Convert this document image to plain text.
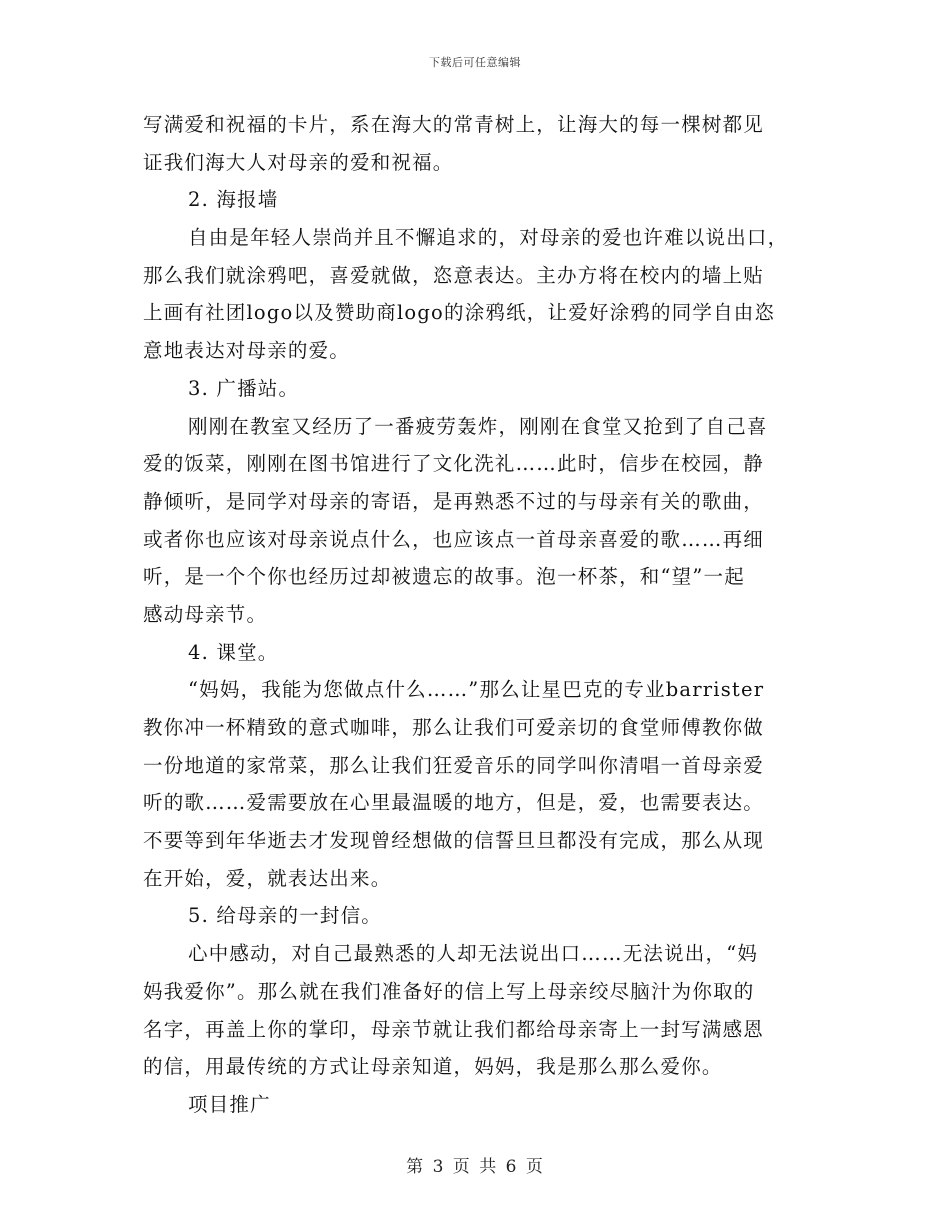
下载后可任意编辑
写满爱和祝福的卡片，系在海大的常青树上，让海大的每一棵树都见
证我们海大人对母亲的爱和祝福。
2. 海报墙
自由是年轻人崇尚并且不懈追求的，对母亲的爱也许难以说出口，
那么我们就涂鸦吧，喜爱就做，恣意表达。主办方将在校内的墙上贴
上画有社团logo以及赞助商logo的涂鸦纸，让爱好涂鸦的同学自由恣
意地表达对母亲的爱。
3. 广播站。
刚刚在教室又经历了一番疲劳轰炸，刚刚在食堂又抢到了自己喜
爱的饭菜，刚刚在图书馆进行了文化洗礼……此时，信步在校园，静
静倾听，是同学对母亲的寄语，是再熟悉不过的与母亲有关的歌曲，
或者你也应该对母亲说点什么，也应该点一首母亲喜爱的歌……再细
听，是一个个你也经历过却被遗忘的故事。泡一杯茶，和“望”一起
感动母亲节。
4. 课堂。
“妈妈，我能为您做点什么……”那么让星巴克的专业barrister
教你冲一杯精致的意式咖啡，那么让我们可爱亲切的食堂师傅教你做
一份地道的家常菜，那么让我们狂爱音乐的同学叫你清唱一首母亲爱
听的歌……爱需要放在心里最温暖的地方，但是，爱，也需要表达。
不要等到年华逝去才发现曾经想做的信誓旦旦都没有完成，那么从现
在开始，爱，就表达出来。
5. 给母亲的一封信。
心中感动，对自己最熟悉的人却无法说出口……无法说出，“妈
妈我爱你”。那么就在我们准备好的信上写上母亲绞尽脑汁为你取的
名字，再盖上你的掌印，母亲节就让我们都给母亲寄上一封写满感恩
的信，用最传统的方式让母亲知道，妈妈，我是那么那么爱你。
项目推广
第 3 页 共 6 页
